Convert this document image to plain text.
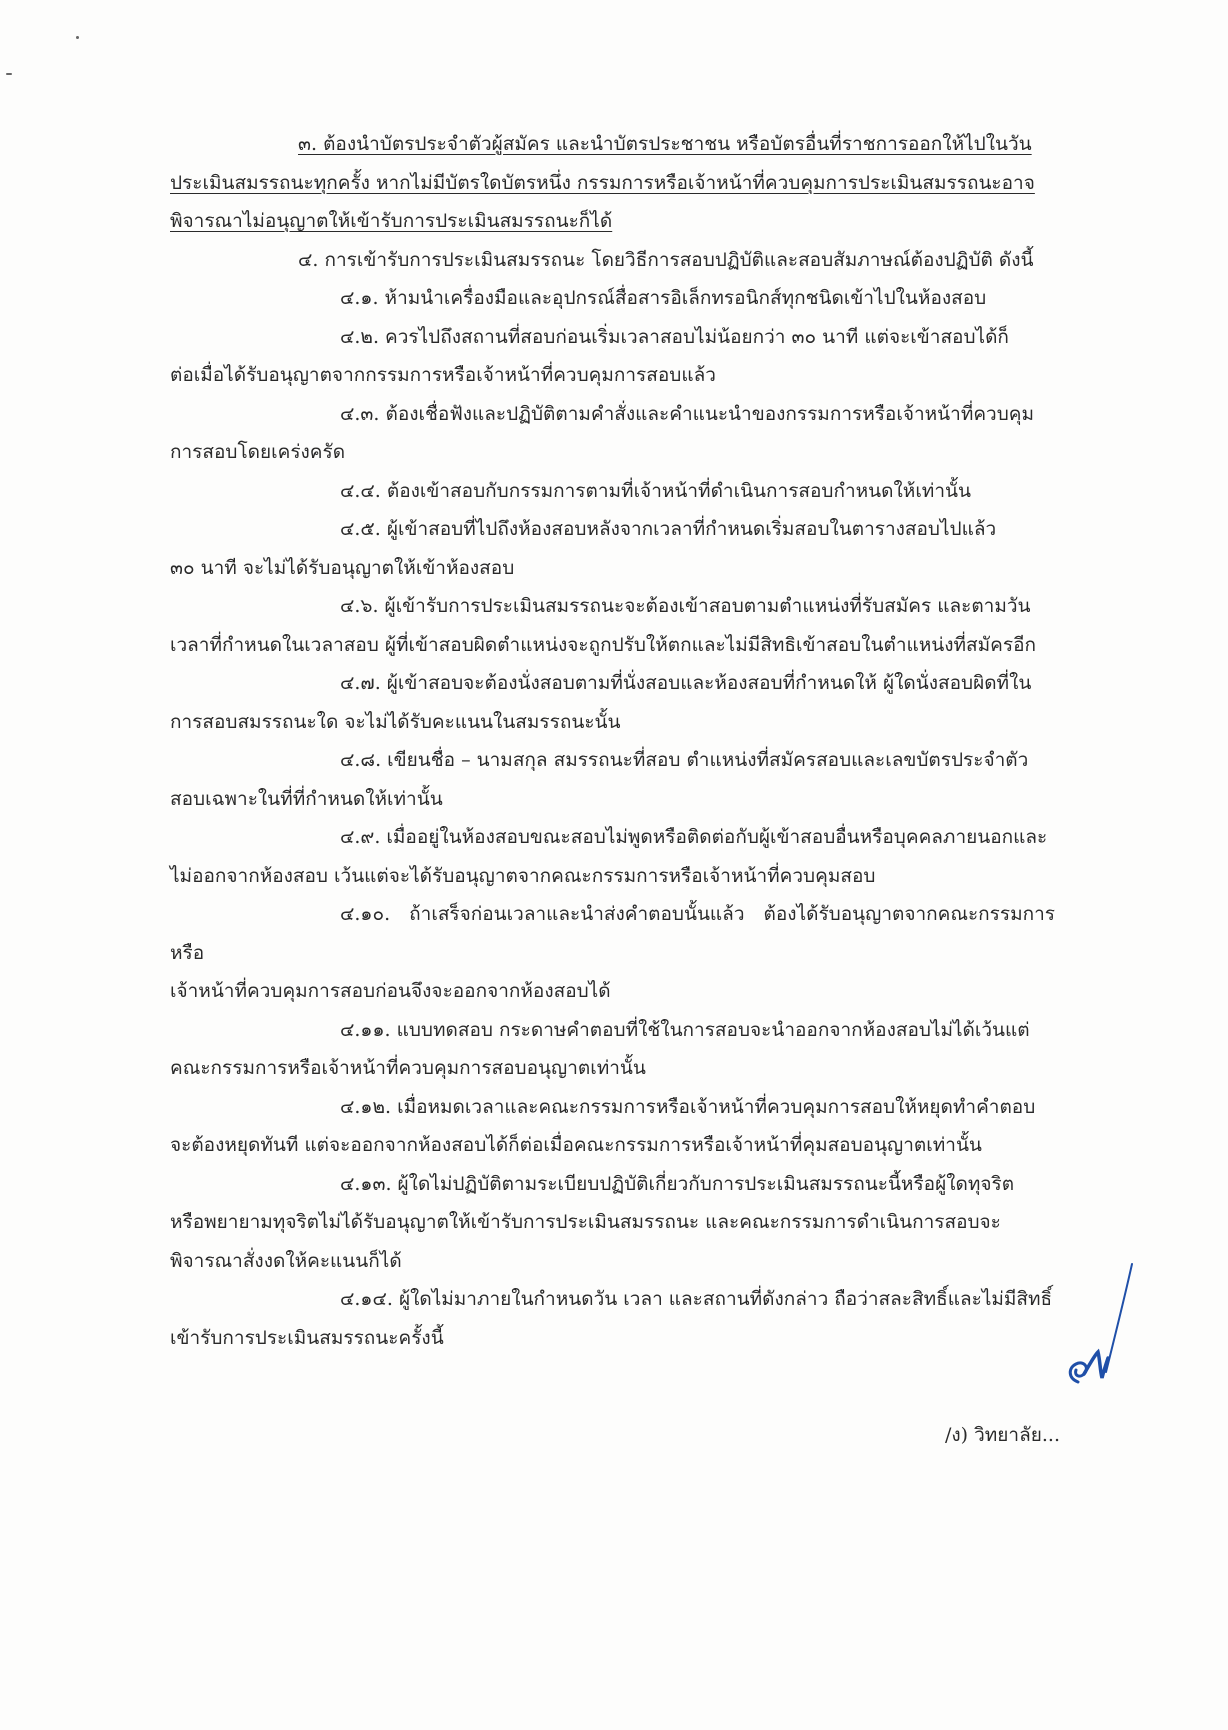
๓. ต้องนำบัตรประจำตัวผู้สมัคร และนำบัตรประชาชน หรือบัตรอื่นที่ราชการออกให้ไปในวัน
ประเมินสมรรถนะทุกครั้ง หากไม่มีบัตรใดบัตรหนึ่ง กรรมการหรือเจ้าหน้าที่ควบคุมการประเมินสมรรถนะอาจ
พิจารณาไม่อนุญาตให้เข้ารับการประเมินสมรรถนะก็ได้
๔. การเข้ารับการประเมินสมรรถนะ โดยวิธีการสอบปฏิบัติและสอบสัมภาษณ์ต้องปฏิบัติ ดังนี้
๔.๑. ห้ามนำเครื่องมือและอุปกรณ์สื่อสารอิเล็กทรอนิกส์ทุกชนิดเข้าไปในห้องสอบ
๔.๒. ควรไปถึงสถานที่สอบก่อนเริ่มเวลาสอบไม่น้อยกว่า ๓๐ นาที แต่จะเข้าสอบได้ก็
ต่อเมื่อได้รับอนุญาตจากกรรมการหรือเจ้าหน้าที่ควบคุมการสอบแล้ว
๔.๓. ต้องเชื่อฟังและปฏิบัติตามคำสั่งและคำแนะนำของกรรมการหรือเจ้าหน้าที่ควบคุม
การสอบโดยเคร่งครัด
๔.๔. ต้องเข้าสอบกับกรรมการตามที่เจ้าหน้าที่ดำเนินการสอบกำหนดให้เท่านั้น
๔.๕. ผู้เข้าสอบที่ไปถึงห้องสอบหลังจากเวลาที่กำหนดเริ่มสอบในตารางสอบไปแล้ว
๓๐ นาที จะไม่ได้รับอนุญาตให้เข้าห้องสอบ
๔.๖. ผู้เข้ารับการประเมินสมรรถนะจะต้องเข้าสอบตามตำแหน่งที่รับสมัคร และตามวัน
เวลาที่กำหนดในเวลาสอบ ผู้ที่เข้าสอบผิดตำแหน่งจะถูกปรับให้ตกและไม่มีสิทธิเข้าสอบในตำแหน่งที่สมัครอีก
๔.๗. ผู้เข้าสอบจะต้องนั่งสอบตามที่นั่งสอบและห้องสอบที่กำหนดให้ ผู้ใดนั่งสอบผิดที่ใน
การสอบสมรรถนะใด จะไม่ได้รับคะแนนในสมรรถนะนั้น
๔.๘. เขียนชื่อ – นามสกุล สมรรถนะที่สอบ ตำแหน่งที่สมัครสอบและเลขบัตรประจำตัว
สอบเฉพาะในที่ที่กำหนดให้เท่านั้น
๔.๙. เมื่ออยู่ในห้องสอบขณะสอบไม่พูดหรือติดต่อกับผู้เข้าสอบอื่นหรือบุคคลภายนอกและ
ไม่ออกจากห้องสอบ เว้นแต่จะได้รับอนุญาตจากคณะกรรมการหรือเจ้าหน้าที่ควบคุมสอบ
๔.๑๐. ถ้าเสร็จก่อนเวลาและนำส่งคำตอบนั้นแล้ว ต้องได้รับอนุญาตจากคณะกรรมการหรือ
เจ้าหน้าที่ควบคุมการสอบก่อนจึงจะออกจากห้องสอบได้
๔.๑๑. แบบทดสอบ กระดาษคำตอบที่ใช้ในการสอบจะนำออกจากห้องสอบไม่ได้เว้นแต่
คณะกรรมการหรือเจ้าหน้าที่ควบคุมการสอบอนุญาตเท่านั้น
๔.๑๒. เมื่อหมดเวลาและคณะกรรมการหรือเจ้าหน้าที่ควบคุมการสอบให้หยุดทำคำตอบ
จะต้องหยุดทันที แต่จะออกจากห้องสอบได้ก็ต่อเมื่อคณะกรรมการหรือเจ้าหน้าที่คุมสอบอนุญาตเท่านั้น
๔.๑๓. ผู้ใดไม่ปฏิบัติตามระเบียบปฏิบัติเกี่ยวกับการประเมินสมรรถนะนี้หรือผู้ใดทุจริต
หรือพยายามทุจริตไม่ได้รับอนุญาตให้เข้ารับการประเมินสมรรถนะ และคณะกรรมการดำเนินการสอบจะ
พิจารณาสั่งงดให้คะแนนก็ได้
๔.๑๔. ผู้ใดไม่มาภายในกำหนดวัน เวลา และสถานที่ดังกล่าว ถือว่าสละสิทธิ์และไม่มีสิทธิ์
เข้ารับการประเมินสมรรถนะครั้งนี้
/ง) วิทยาลัย...
